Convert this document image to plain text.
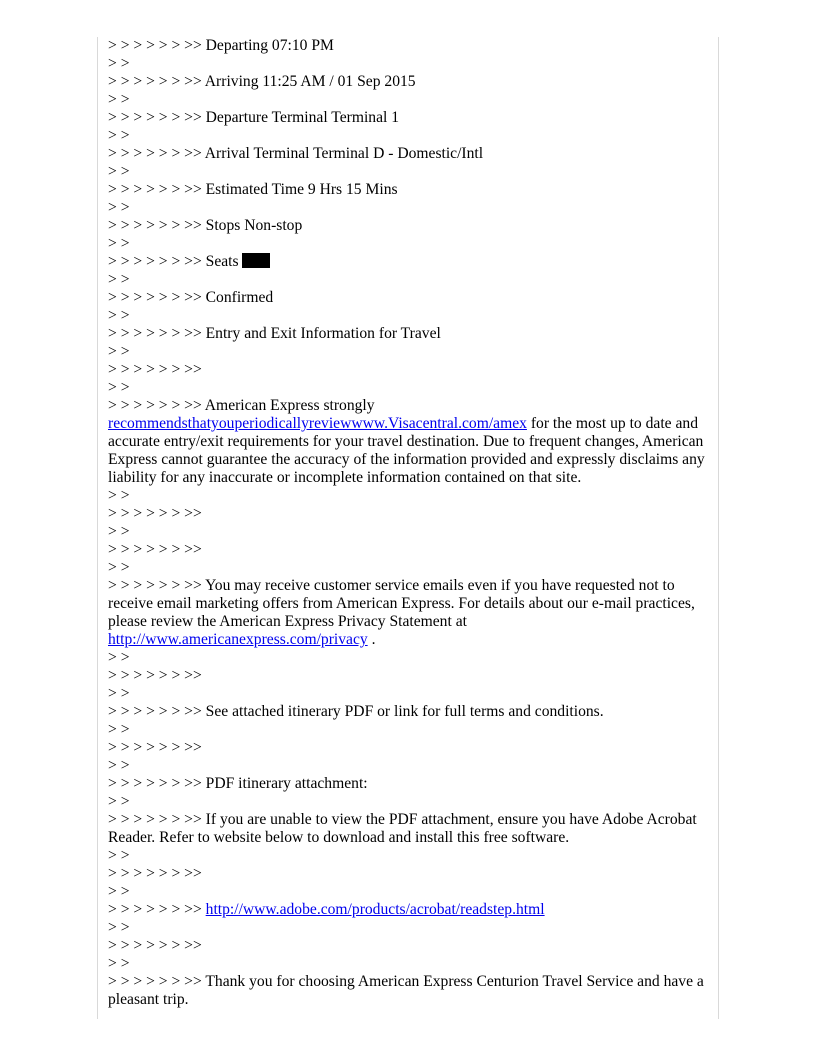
> > > > > > >> Departing 07:10 PM
> >
> > > > > > >> Arriving 11:25 AM / 01 Sep 2015
> >
> > > > > > >> Departure Terminal Terminal 1
> >
> > > > > > >> Arrival Terminal Terminal D - Domestic/Intl
> >
> > > > > > >> Estimated Time 9 Hrs 15 Mins
> >
> > > > > > >> Stops Non-stop
> >
> > > > > > >> Seats
> >
> > > > > > >> Confirmed
> >
> > > > > > >> Entry and Exit Information for Travel
> >
> > > > > > >>
> >
> > > > > > >> American Express strongly
recommendsthatyouperiodicallyreviewwww.Visacentral.com/amex for the most up to date and accurate entry/exit requirements for your travel destination. Due to frequent changes, American Express cannot guarantee the accuracy of the information provided and expressly disclaims any liability for any inaccurate or incomplete information contained on that site.
> >
> > > > > > >>
> >
> > > > > > >>
> >
> > > > > > >> You may receive customer service emails even if you have requested not to receive email marketing offers from American Express. For details about our e-mail practices, please review the American Express Privacy Statement at
http://www.americanexpress.com/privacy .
> >
> > > > > > >>
> >
> > > > > > >> See attached itinerary PDF or link for full terms and conditions.
> >
> > > > > > >>
> >
> > > > > > >> PDF itinerary attachment:
> >
> > > > > > >> If you are unable to view the PDF attachment, ensure you have Adobe Acrobat Reader. Refer to website below to download and install this free software.
> >
> > > > > > >>
> >
> > > > > > >> http://www.adobe.com/products/acrobat/readstep.html
> >
> > > > > > >>
> >
> > > > > > >> Thank you for choosing American Express Centurion Travel Service and have a pleasant trip.
